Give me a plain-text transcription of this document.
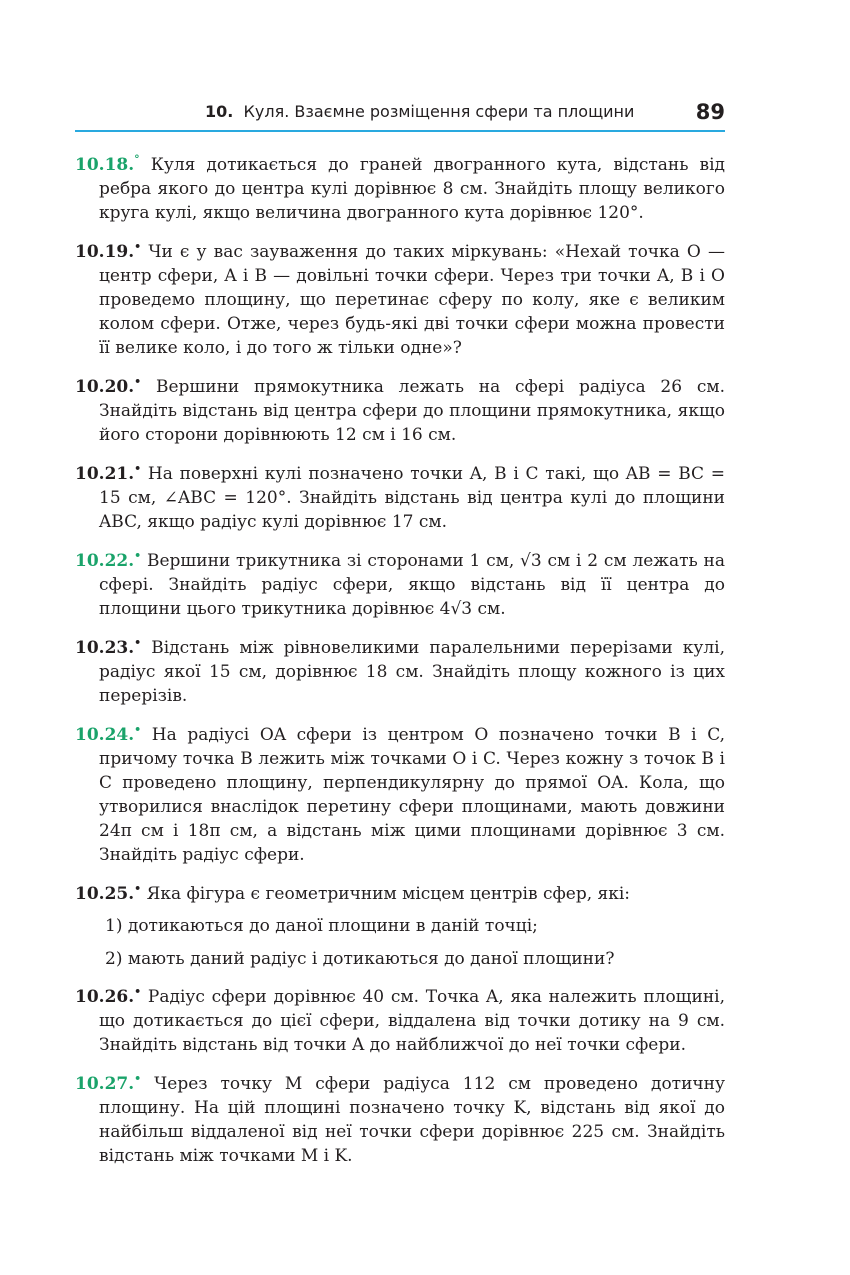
10. Куля. Взаємне розміщення сфери та площини	89
10.18.° Куля дотикається до граней двогранного кута, відстань від ребра якого до центра кулі дорівнює 8 см. Знайдіть площу великого круга кулі, якщо величина двогранного кута дорівнює 120°.
10.19.• Чи є у вас зауваження до таких міркувань: «Нехай точка O — центр сфери, A і B — довільні точки сфери. Через три точки A, B і O проведемо площину, що перетинає сферу по колу, яке є великим колом сфери. Отже, через будь-які дві точки сфери можна провести її велике коло, і до того ж тільки одне»?
10.20.• Вершини прямокутника лежать на сфері радіуса 26 см. Знайдіть відстань від центра сфери до площини прямокутника, якщо його сторони дорівнюють 12 см і 16 см.
10.21.• На поверхні кулі позначено точки A, B і C такі, що AB = BC = 15 см, ∠ABC = 120°. Знайдіть відстань від центра кулі до площини ABC, якщо радіус кулі дорівнює 17 см.
10.22.• Вершини трикутника зі сторонами 1 см, √3 см і 2 см лежать на сфері. Знайдіть радіус сфери, якщо відстань від її центра до площини цього трикутника дорівнює 4√3 см.
10.23.• Відстань між рівновеликими паралельними перерізами кулі, радіус якої 15 см, дорівнює 18 см. Знайдіть площу кожного із цих перерізів.
10.24.• На радіусі OA сфери із центром O позначено точки B і C, причому точка B лежить між точками O і C. Через кожну з точок B і C проведено площину, перпендикулярну до прямої OA. Кола, що утворилися внаслідок перетину сфери площинами, мають довжини 24π см і 18π см, а відстань між цими площинами дорівнює 3 см. Знайдіть радіус сфери.
10.25.• Яка фігура є геометричним місцем центрів сфер, які:
1) дотикаються до даної площини в даній точці;
2) мають даний радіус і дотикаються до даної площини?
10.26.• Радіус сфери дорівнює 40 см. Точка A, яка належить площині, що дотикається до цієї сфери, віддалена від точки дотику на 9 см. Знайдіть відстань від точки A до найближчої до неї точки сфери.
10.27.• Через точку M сфери радіуса 112 см проведено дотичну площину. На цій площині позначено точку K, відстань від якої до найбільш віддаленої від неї точки сфери дорівнює 225 см. Знайдіть відстань між точками M і K.
